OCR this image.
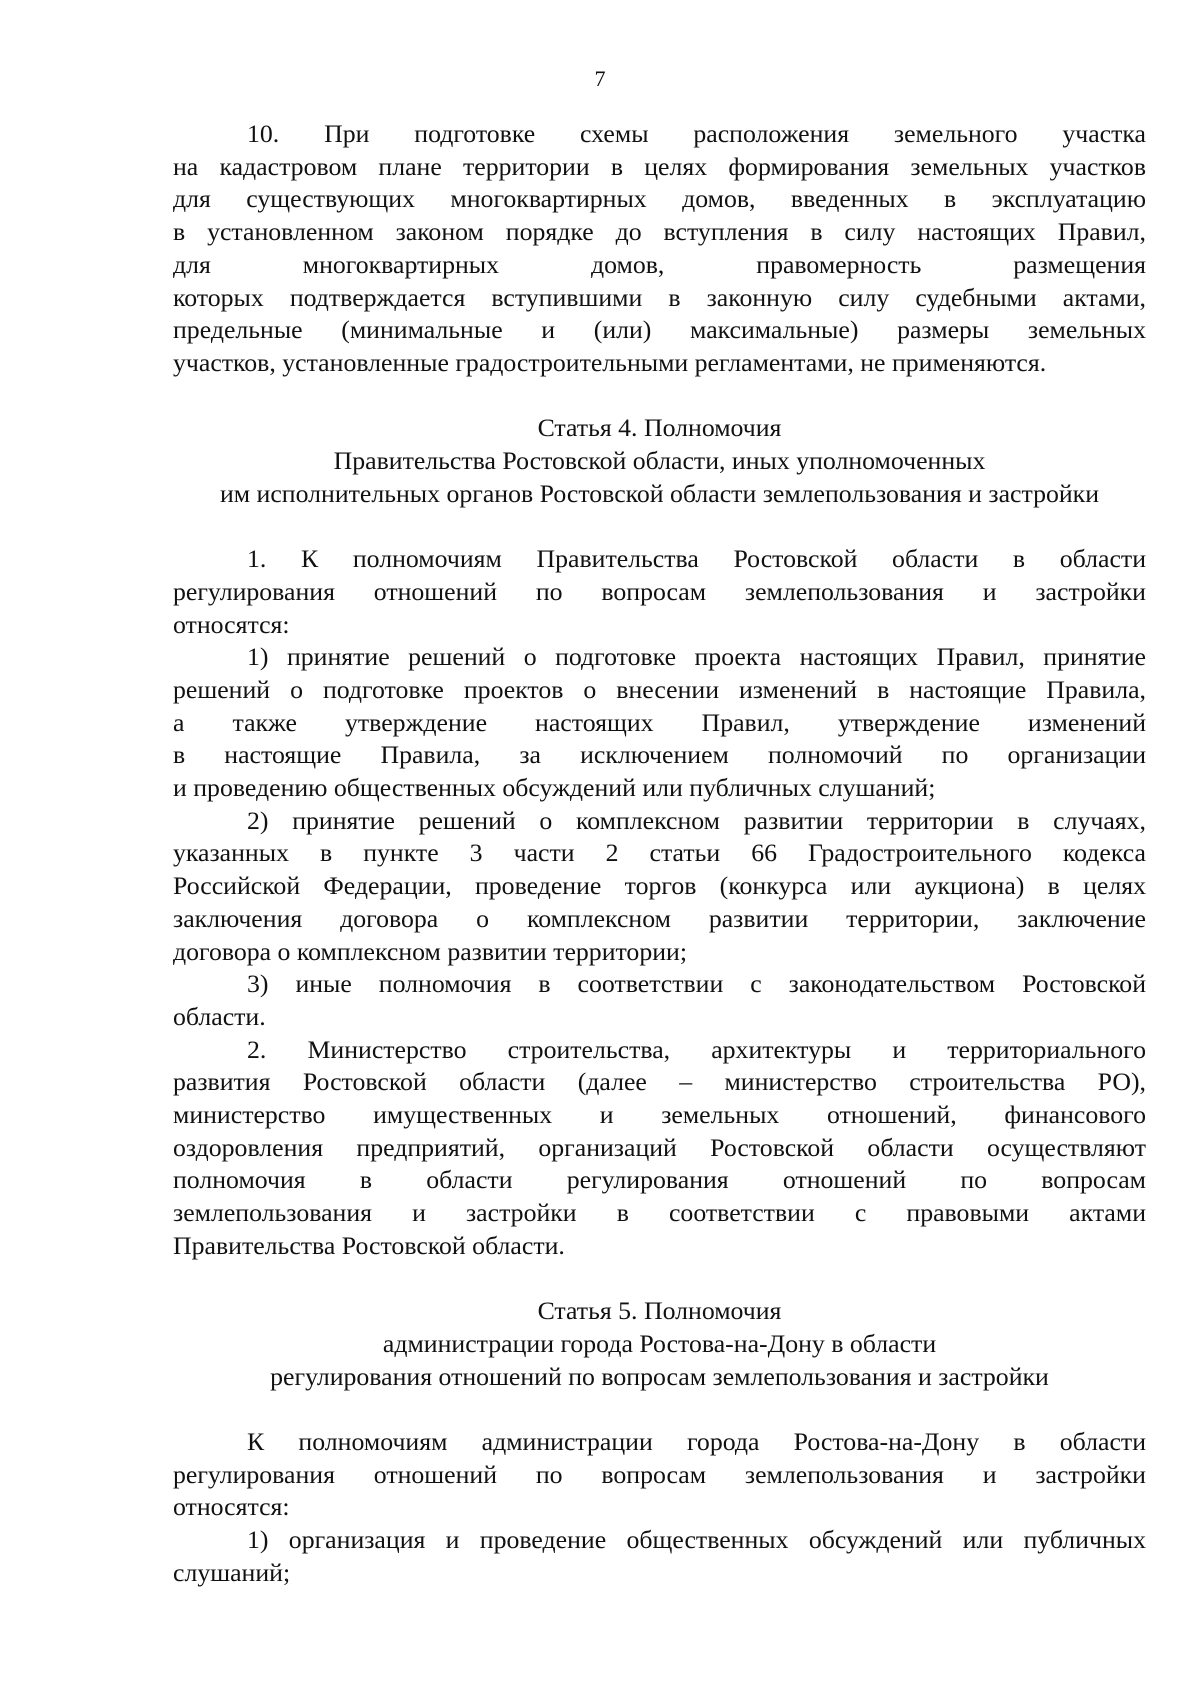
7
10. При подготовке схемы расположения земельного участка
на кадастровом плане территории в целях формирования земельных участков
для существующих многоквартирных домов, введенных в эксплуатацию
в установленном законом порядке до вступления в силу настоящих Правил,
для многоквартирных домов, правомерность размещения
которых подтверждается вступившими в законную силу судебными актами,
предельные (минимальные и (или) максимальные) размеры земельных
участков, установленные градостроительными регламентами, не применяются.
Статья 4. Полномочия
Правительства Ростовской области, иных уполномоченных
им исполнительных органов Ростовской области землепользования и застройки
1. К полномочиям Правительства Ростовской области в области
регулирования отношений по вопросам землепользования и застройки
относятся:
1) принятие решений о подготовке проекта настоящих Правил, принятие
решений о подготовке проектов о внесении изменений в настоящие Правила,
а также утверждение настоящих Правил, утверждение изменений
в настоящие Правила, за исключением полномочий по организации
и проведению общественных обсуждений или публичных слушаний;
2) принятие решений о комплексном развитии территории в случаях,
указанных в пункте 3 части 2 статьи 66 Градостроительного кодекса
Российской Федерации, проведение торгов (конкурса или аукциона) в целях
заключения договора о комплексном развитии территории, заключение
договора о комплексном развитии территории;
3) иные полномочия в соответствии с законодательством Ростовской
области.
2. Министерство строительства, архитектуры и территориального
развития Ростовской области (далее – министерство строительства РО),
министерство имущественных и земельных отношений, финансового
оздоровления предприятий, организаций Ростовской области осуществляют
полномочия в области регулирования отношений по вопросам
землепользования и застройки в соответствии с правовыми актами
Правительства Ростовской области.
Статья 5. Полномочия
администрации города Ростова-на-Дону в области
регулирования отношений по вопросам землепользования и застройки
К полномочиям администрации города Ростова-на-Дону в области
регулирования отношений по вопросам землепользования и застройки
относятся:
1) организация и проведение общественных обсуждений или публичных
слушаний;
